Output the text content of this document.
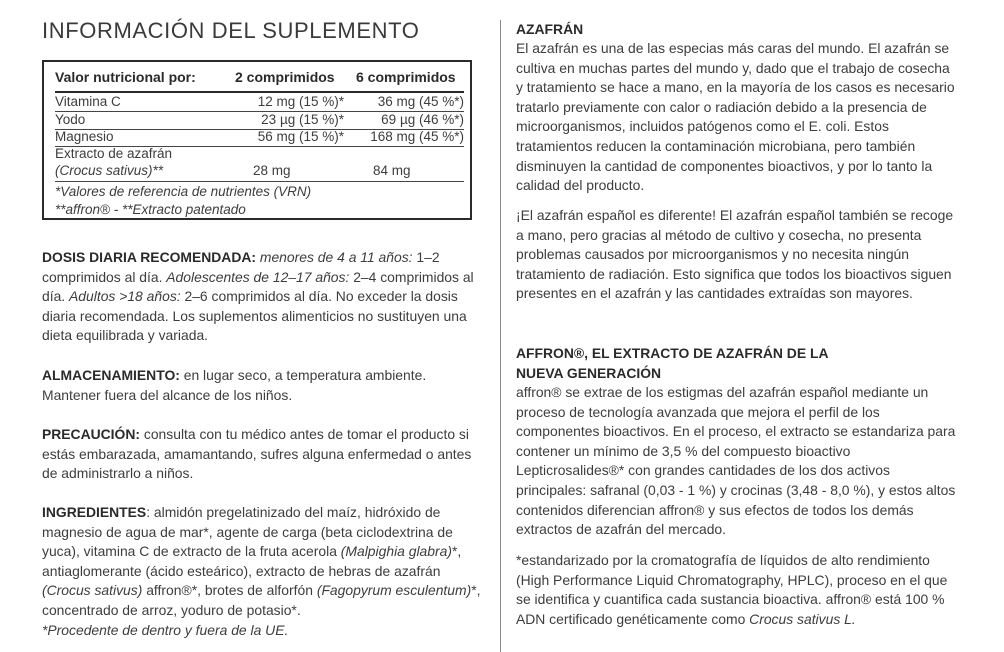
INFORMACIÓN DEL SUPLEMENTO
Valor nutricional por:	2 comprimidos 6 comprimidos
Vitamina C	12 mg (15 %)* 36 mg (45 %*)
Yodo	23 µg (15 %)*	69 µg (46 %*)
Magnesio	56 mg (15 %)* 168 mg (45 %*)
Extracto de azafrán
(Crocus sativus)**	28 mg	84 mg
*Valores de referencia de nutrientes (VRN)
**affron® - **Extracto patentado

DOSIS DIARIA RECOMENDADA: menores de 4 a 11 años: 1–2 comprimidos al día. Adolescentes de 12–17 años: 2–4 comprimidos al día. Adultos >18 años: 2–6 comprimidos al día. No exceder la dosis diaria recomendada. Los suplementos alimenticios no sustituyen una dieta equilibrada y variada.

ALMACENAMIENTO: en lugar seco, a temperatura ambiente. Mantener fuera del alcance de los niños.

PRECAUCIÓN: consulta con tu médico antes de tomar el producto si estás embarazada, amamantando, sufres alguna enfermedad o antes de administrarlo a niños.

INGREDIENTES: almidón pregelatinizado del maíz, hidróxido de magnesio de agua de mar*, agente de carga (beta ciclodextrina de yuca), vitamina C de extracto de la fruta acerola (Malpighia glabra)*, antiaglomerante (ácido esteárico), extracto de hebras de azafrán (Crocus sativus) affron®*, brotes de alforfón (Fagopyrum esculentum)*, concentrado de arroz, yoduro de potasio*.
*Procedente de dentro y fuera de la UE.

AZAFRÁN

El azafrán es una de las especias más caras del mundo. El azafrán se cultiva en muchas partes del mundo y, dado que el trabajo de cosecha y tratamiento se hace a mano, en la mayoría de los casos es necesario tratarlo previamente con calor o radiación debido a la presencia de microorganismos, incluidos patógenos como el E. coli. Estos tratamientos reducen la contaminación microbiana, pero también disminuyen la cantidad de componentes bioactivos, y por lo tanto la calidad del producto.

¡El azafrán español es diferente! El azafrán español también se recoge a mano, pero gracias al método de cultivo y cosecha, no presenta problemas causados por microorganismos y no necesita ningún tratamiento de radiación. Esto significa que todos los bioactivos siguen presentes en el azafrán y las cantidades extraídas son mayores.

AFFRON®, EL EXTRACTO DE AZAFRÁN DE LA NUEVA GENERACIÓN

affron® se extrae de los estigmas del azafrán español mediante un proceso de tecnología avanzada que mejora el perfil de los componentes bioactivos. En el proceso, el extracto se estandariza para contener un mínimo de 3,5 % del compuesto bioactivo Lepticrosalides®* con grandes cantidades de los dos activos principales: safranal (0,03 - 1 %) y crocinas (3,48 - 8,0 %), y estos altos contenidos diferencian affron® y sus efectos de todos los demás extractos de azafrán del mercado.

*estandarizado por la cromatografía de líquidos de alto rendimiento (High Performance Liquid Chromatography, HPLC), proceso en el que se identifica y cuantifica cada sustancia bioactiva. affron® está 100 % ADN certificado genéticamente como Crocus sativus L.
